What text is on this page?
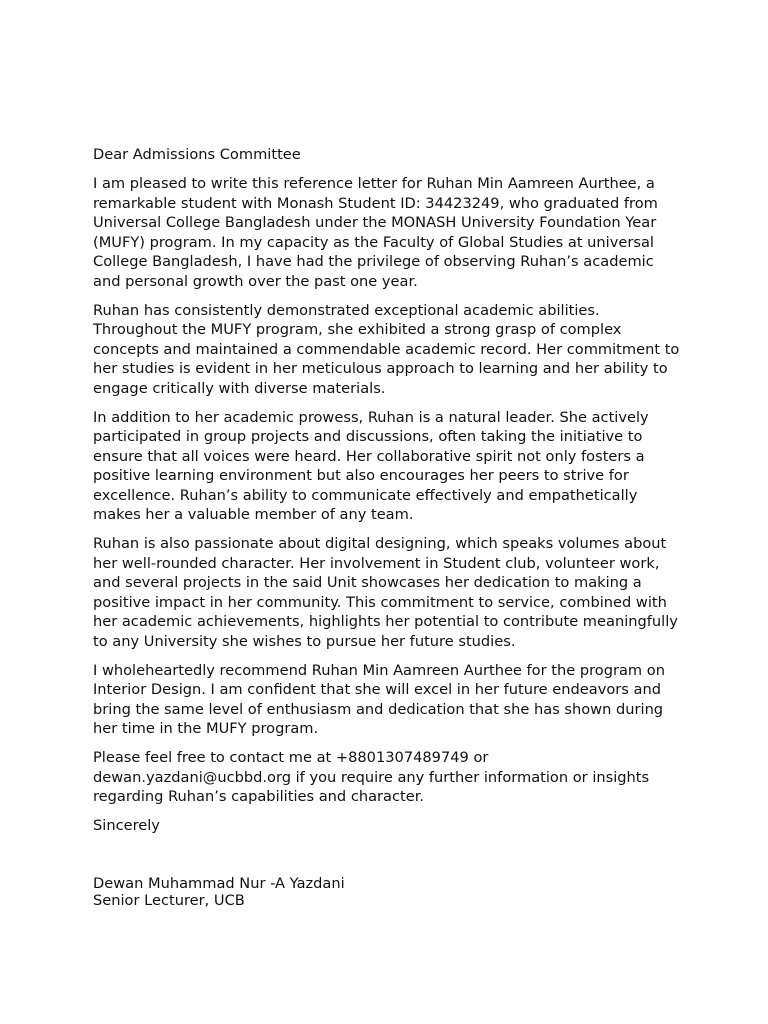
Dear Admissions Committee

I am pleased to write this reference letter for Ruhan Min Aamreen Aurthee, a remarkable student with Monash Student ID: 34423249, who graduated from Universal College Bangladesh under the MONASH University Foundation Year (MUFY) program. In my capacity as the Faculty of Global Studies at universal College Bangladesh, I have had the privilege of observing Ruhan’s academic and personal growth over the past one year.

Ruhan has consistently demonstrated exceptional academic abilities. Throughout the MUFY program, she exhibited a strong grasp of complex concepts and maintained a commendable academic record. Her commitment to her studies is evident in her meticulous approach to learning and her ability to engage critically with diverse materials.

In addition to her academic prowess, Ruhan is a natural leader. She actively participated in group projects and discussions, often taking the initiative to ensure that all voices were heard. Her collaborative spirit not only fosters a positive learning environment but also encourages her peers to strive for excellence. Ruhan’s ability to communicate effectively and empathetically makes her a valuable member of any team.

Ruhan is also passionate about digital designing, which speaks volumes about her well-rounded character. Her involvement in Student club, volunteer work, and several projects in the said Unit showcases her dedication to making a positive impact in her community. This commitment to service, combined with her academic achievements, highlights her potential to contribute meaningfully to any University she wishes to pursue her future studies.

I wholeheartedly recommend Ruhan Min Aamreen Aurthee for the program on Interior Design. I am confident that she will excel in her future endeavors and bring the same level of enthusiasm and dedication that she has shown during her time in the MUFY program.

Please feel free to contact me at +8801307489749 or dewan.yazdani@ucbbd.org if you require any further information or insights regarding Ruhan’s capabilities and character.

Sincerely

Dewan Muhammad Nur -A Yazdani

Senior Lecturer, UCB
